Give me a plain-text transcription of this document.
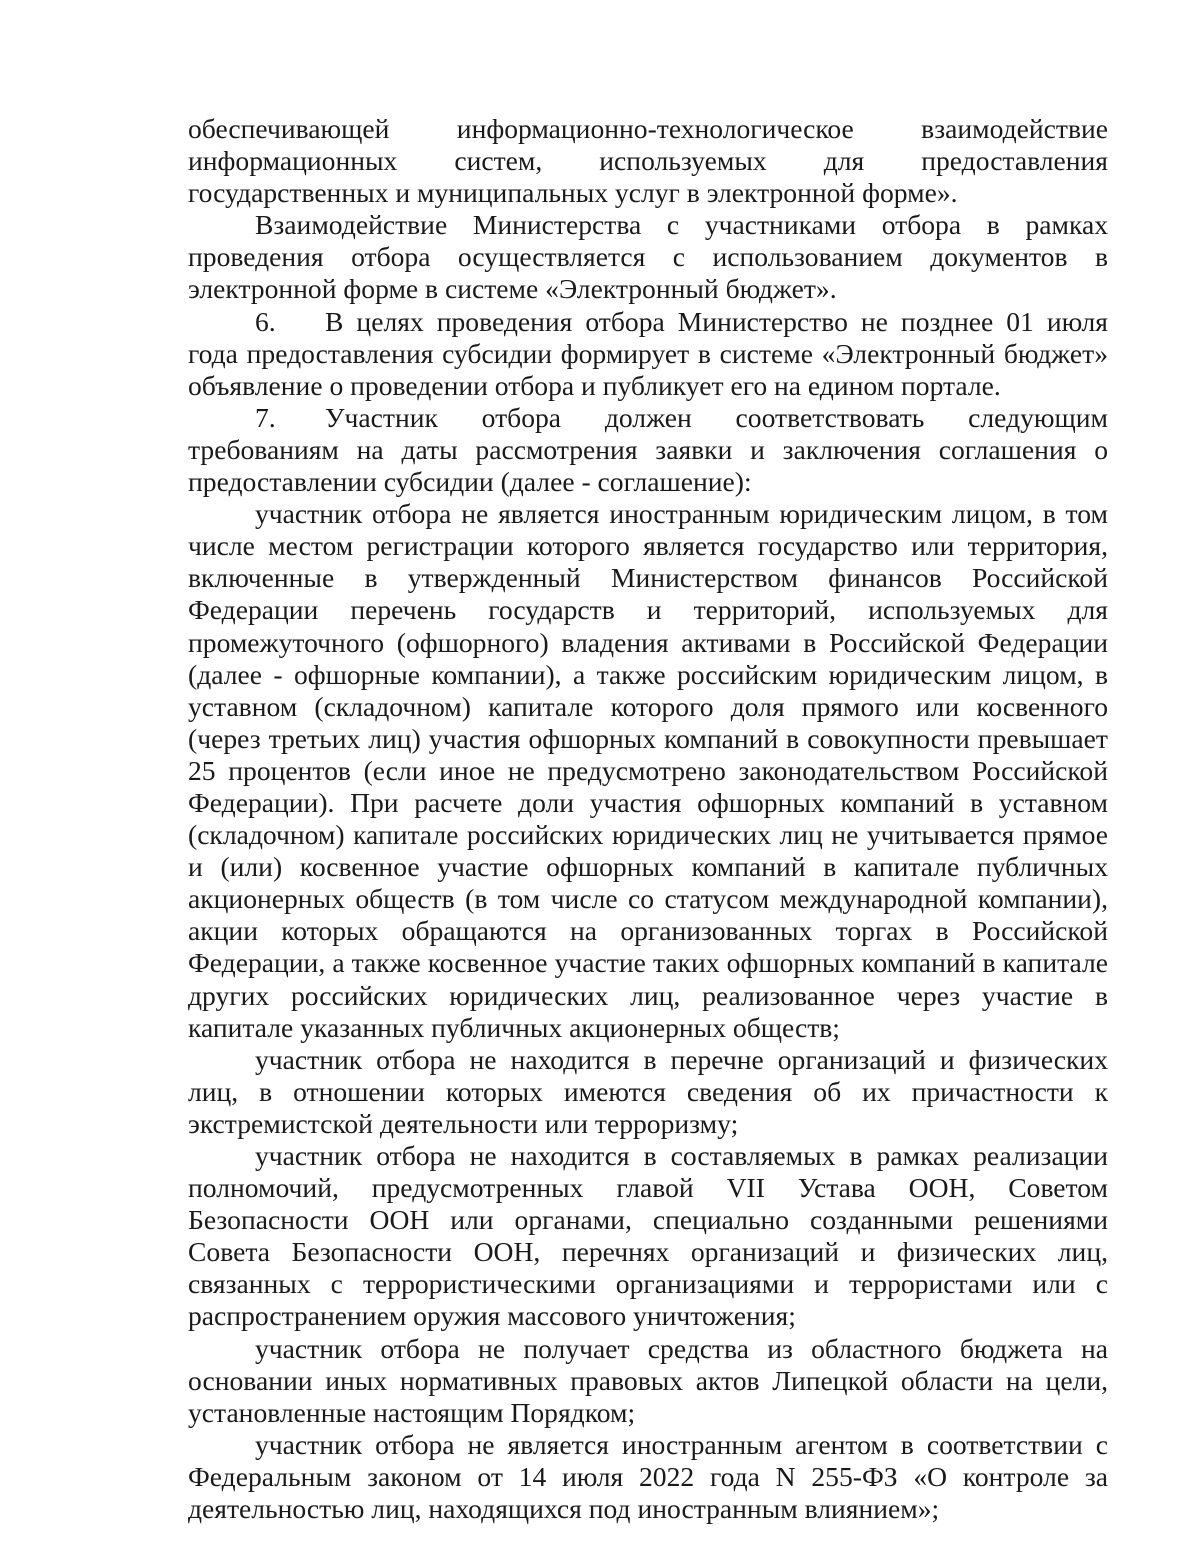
обеспечивающей информационно-технологическое взаимодействие информационных систем, используемых для предоставления государственных и муниципальных услуг в электронной форме».

Взаимодействие Министерства с участниками отбора в рамках проведения отбора осуществляется с использованием документов в электронной форме в системе «Электронный бюджет».

6. В целях проведения отбора Министерство не позднее 01 июля года предоставления субсидии формирует в системе «Электронный бюджет» объявление о проведении отбора и публикует его на едином портале.

7. Участник отбора должен соответствовать следующим требованиям на даты рассмотрения заявки и заключения соглашения о предоставлении субсидии (далее - соглашение):

участник отбора не является иностранным юридическим лицом, в том числе местом регистрации которого является государство или территория, включенные в утвержденный Министерством финансов Российской Федерации перечень государств и территорий, используемых для промежуточного (офшорного) владения активами в Российской Федерации (далее - офшорные компании), а также российским юридическим лицом, в уставном (складочном) капитале которого доля прямого или косвенного (через третьих лиц) участия офшорных компаний в совокупности превышает 25 процентов (если иное не предусмотрено законодательством Российской Федерации). При расчете доли участия офшорных компаний в уставном (складочном) капитале российских юридических лиц не учитывается прямое и (или) косвенное участие офшорных компаний в капитале публичных акционерных обществ (в том числе со статусом международной компании), акции которых обращаются на организованных торгах в Российской Федерации, а также косвенное участие таких офшорных компаний в капитале других российских юридических лиц, реализованное через участие в капитале указанных публичных акционерных обществ;

участник отбора не находится в перечне организаций и физических лиц, в отношении которых имеются сведения об их причастности к экстремистской деятельности или терроризму;

участник отбора не находится в составляемых в рамках реализации полномочий, предусмотренных главой VII Устава ООН, Советом Безопасности ООН или органами, специально созданными решениями Совета Безопасности ООН, перечнях организаций и физических лиц, связанных с террористическими организациями и террористами или с распространением оружия массового уничтожения;

участник отбора не получает средства из областного бюджета на основании иных нормативных правовых актов Липецкой области на цели, установленные настоящим Порядком;

участник отбора не является иностранным агентом в соответствии с Федеральным законом от 14 июля 2022 года N 255-ФЗ «О контроле за деятельностью лиц, находящихся под иностранным влиянием»;
